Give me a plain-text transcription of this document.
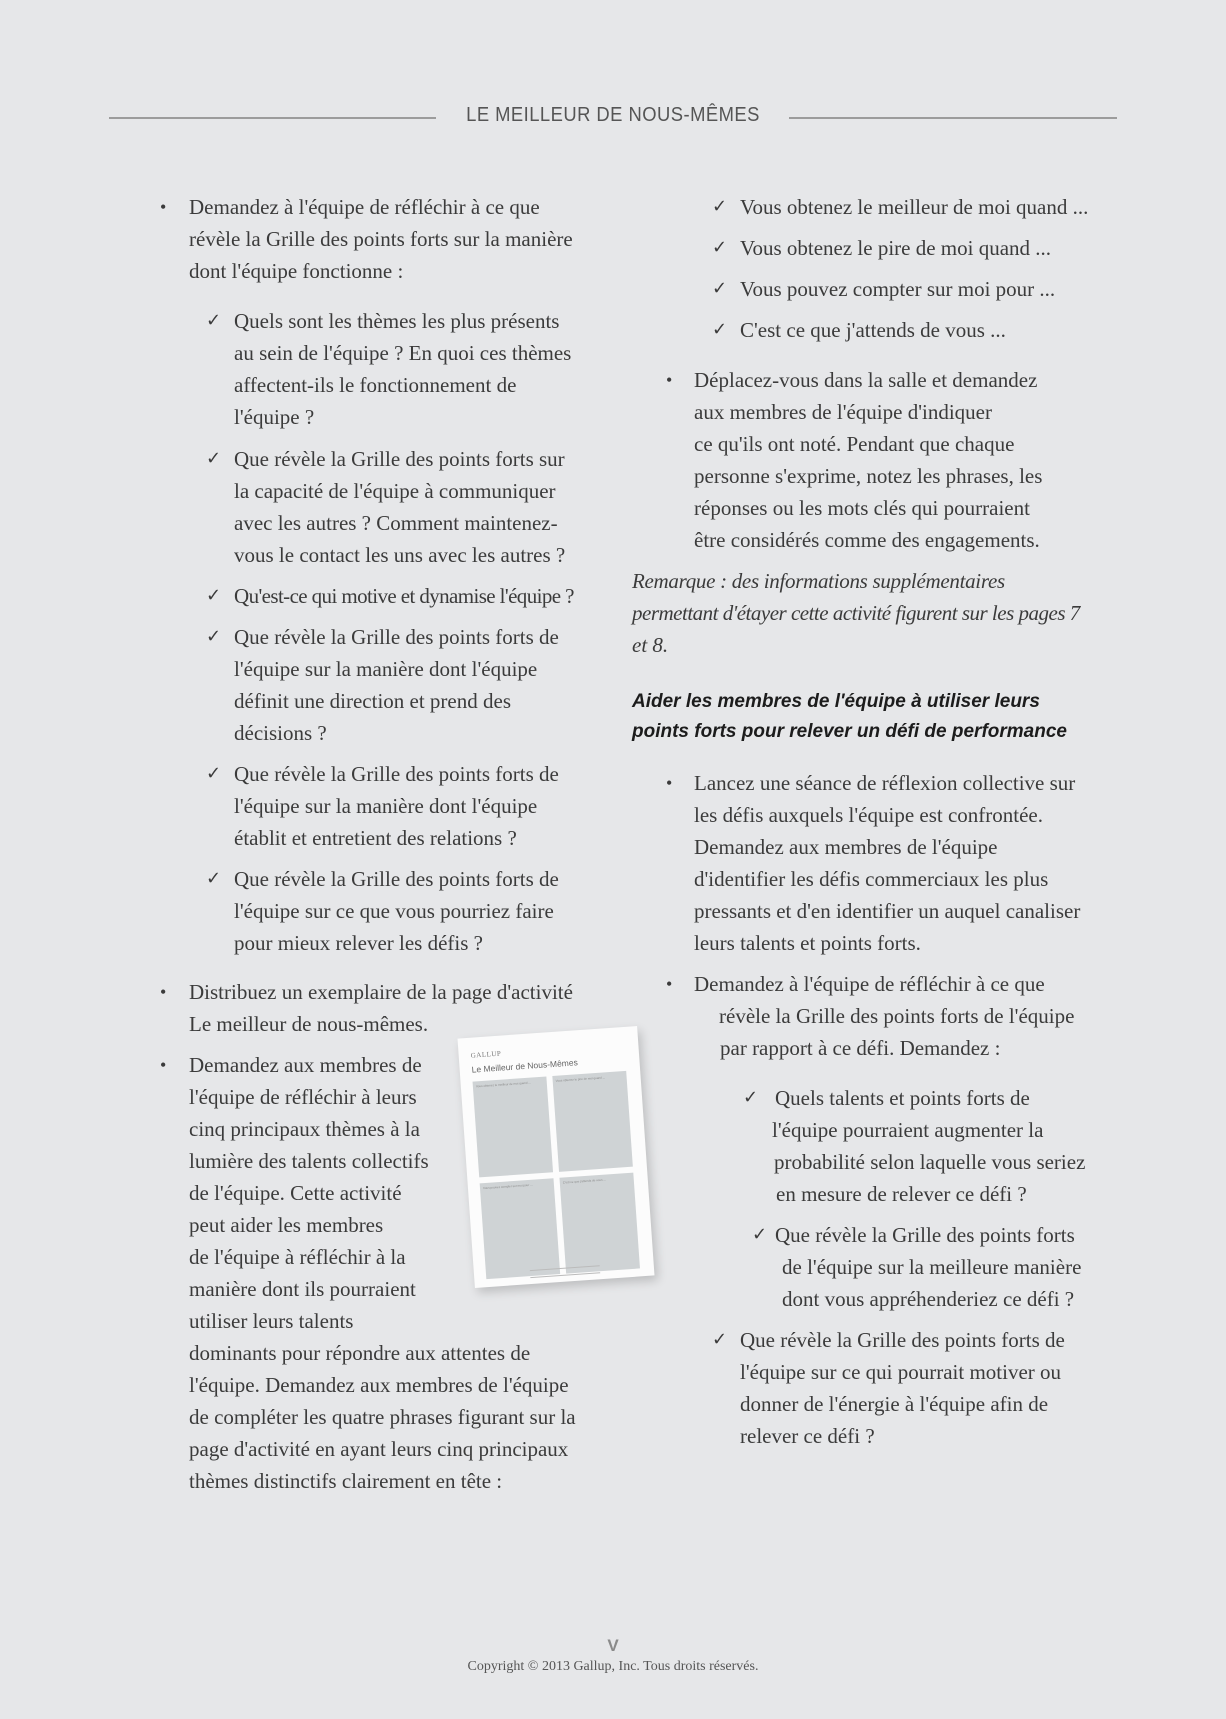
LE MEILLEUR DE NOUS-MÊMES
• Demandez à l'équipe de réfléchir à ce que
révèle la Grille des points forts sur la manière
dont l'équipe fonctionne :
✓ Quels sont les thèmes les plus présents
au sein de l'équipe ? En quoi ces thèmes
affectent-ils le fonctionnement de
l'équipe ?
✓ Que révèle la Grille des points forts sur
la capacité de l'équipe à communiquer
avec les autres ? Comment maintenez-
vous le contact les uns avec les autres ?
✓ Qu'est-ce qui motive et dynamise l'équipe ?
✓ Que révèle la Grille des points forts de
l'équipe sur la manière dont l'équipe
définit une direction et prend des
décisions ?
✓ Que révèle la Grille des points forts de
l'équipe sur la manière dont l'équipe
établit et entretient des relations ?
✓ Que révèle la Grille des points forts de
l'équipe sur ce que vous pourriez faire
pour mieux relever les défis ?
• Distribuez un exemplaire de la page d'activité
Le meilleur de nous-mêmes.
• Demandez aux membres de
l'équipe de réfléchir à leurs
cinq principaux thèmes à la
lumière des talents collectifs
de l'équipe. Cette activité
peut aider les membres
de l'équipe à réfléchir à la
manière dont ils pourraient
utiliser leurs talents
dominants pour répondre aux attentes de
l'équipe. Demandez aux membres de l'équipe
de compléter les quatre phrases figurant sur la
page d'activité en ayant leurs cinq principaux
thèmes distinctifs clairement en tête :
GALLUP
Le Meilleur de Nous-Mêmes
Vous obtenez le meilleur de moi quand ...
Vous obtenez le pire de moi quand ...
Vous pouvez compter sur moi pour ...
C'est ce que j'attends de vous ...
✓ Vous obtenez le meilleur de moi quand ...
✓ Vous obtenez le pire de moi quand ...
✓ Vous pouvez compter sur moi pour ...
✓ C'est ce que j'attends de vous ...
• Déplacez-vous dans la salle et demandez
aux membres de l'équipe d'indiquer
ce qu'ils ont noté. Pendant que chaque
personne s'exprime, notez les phrases, les
réponses ou les mots clés qui pourraient
être considérés comme des engagements.
Remarque : des informations supplémentaires
permettant d'étayer cette activité figurent sur les pages 7
et 8.
Aider les membres de l'équipe à utiliser leurs
points forts pour relever un défi de performance
• Lancez une séance de réflexion collective sur
les défis auxquels l'équipe est confrontée.
Demandez aux membres de l'équipe
d'identifier les défis commerciaux les plus
pressants et d'en identifier un auquel canaliser
leurs talents et points forts.
• Demandez à l'équipe de réfléchir à ce que
révèle la Grille des points forts de l'équipe
par rapport à ce défi. Demandez :
✓ Quels talents et points forts de
l'équipe pourraient augmenter la
probabilité selon laquelle vous seriez
en mesure de relever ce défi ?
✓ Que révèle la Grille des points forts
de l'équipe sur la meilleure manière
dont vous appréhenderiez ce défi ?
✓ Que révèle la Grille des points forts de
l'équipe sur ce qui pourrait motiver ou
donner de l'énergie à l'équipe afin de
relever ce défi ?
V
Copyright © 2013 Gallup, Inc. Tous droits réservés.
